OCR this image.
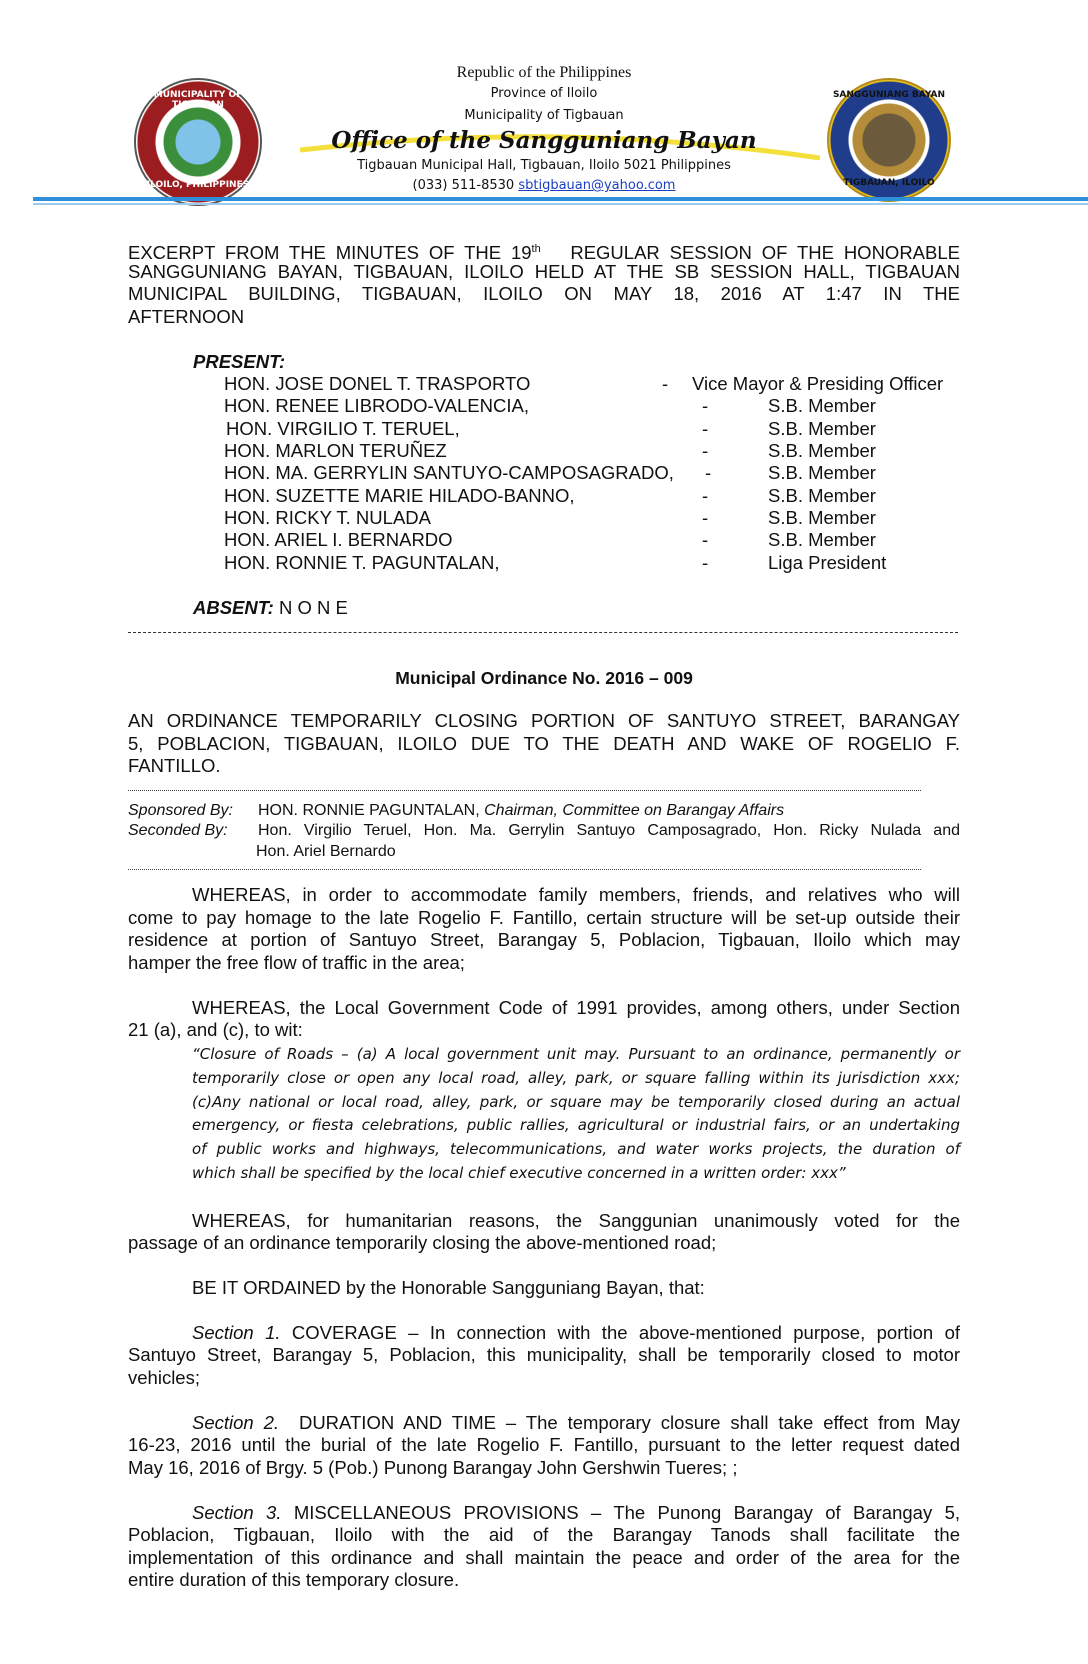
MUNICIPALITY OF TIGBAUAN
ILOILO, PHILIPPINES
SANGGUNIANG BAYAN
TIGBAUAN, ILOILO
Republic of the Philippines
Province of Iloilo
Municipality of Tigbauan
Office of the Sangguniang Bayan
Tigbauan Municipal Hall, Tigbauan, Iloilo 5021 Philippines
(033) 511-8530 sbtigbauan@yahoo.com
EXCERPT FROM THE MINUTES OF THE 19th REGULAR SESSION OF THE HONORABLE
SANGGUNIANG BAYAN, TIGBAUAN, ILOILO HELD AT THE SB SESSION HALL, TIGBAUAN
MUNICIPAL BUILDING, TIGBAUAN, ILOILO ON MAY 18, 2016 AT 1:47 IN THE
AFTERNOON
PRESENT:
HON. JOSE DONEL T. TRASPORTO	- Vice Mayor & Presiding Officer
HON. RENEE LIBRODO-VALENCIA,	-	S.B. Member
HON. VIRGILIO T. TERUEL,	-	S.B. Member
HON. MARLON TERUÑEZ	-	S.B. Member
HON. MA. GERRYLIN SANTUYO-CAMPOSAGRADO, -	S.B. Member
HON. SUZETTE MARIE HILADO-BANNO,	-	S.B. Member
HON. RICKY T. NULADA	-	S.B. Member
HON. ARIEL I. BERNARDO	-	S.B. Member
HON. RONNIE T. PAGUNTALAN,	-	Liga President
ABSENT: N O N E
Municipal Ordinance No. 2016 – 009
AN ORDINANCE TEMPORARILY CLOSING PORTION OF SANTUYO STREET, BARANGAY
5, POBLACION, TIGBAUAN, ILOILO DUE TO THE DEATH AND WAKE OF ROGELIO F.
FANTILLO.
Sponsored By: HON. RONNIE PAGUNTALAN, Chairman, Committee on Barangay Affairs
Seconded By: Hon. Virgilio Teruel, Hon. Ma. Gerrylin Santuyo Camposagrado, Hon. Ricky Nulada and
Hon. Ariel Bernardo
WHEREAS, in order to accommodate family members, friends, and relatives who will
come to pay homage to the late Rogelio F. Fantillo, certain structure will be set-up outside their
residence at portion of Santuyo Street, Barangay 5, Poblacion, Tigbauan, Iloilo which may
hamper the free flow of traffic in the area;
WHEREAS, the Local Government Code of 1991 provides, among others, under Section
21 (a), and (c), to wit:
“Closure of Roads – (a) A local government unit may. Pursuant to an ordinance, permanently or
temporarily close or open any local road, alley, park, or square falling within its jurisdiction xxx;
(c)Any national or local road, alley, park, or square may be temporarily closed during an actual
emergency, or fiesta celebrations, public rallies, agricultural or industrial fairs, or an undertaking
of public works and highways, telecommunications, and water works projects, the duration of
which shall be specified by the local chief executive concerned in a written order: xxx”
WHEREAS, for humanitarian reasons, the Sanggunian unanimously voted for the
passage of an ordinance temporarily closing the above-mentioned road;
BE IT ORDAINED by the Honorable Sangguniang Bayan, that:
Section 1. COVERAGE – In connection with the above-mentioned purpose, portion of
Santuyo Street, Barangay 5, Poblacion, this municipality, shall be temporarily closed to motor
vehicles;
Section 2. DURATION AND TIME – The temporary closure shall take effect from May
16-23, 2016 until the burial of the late Rogelio F. Fantillo, pursuant to the letter request dated
May 16, 2016 of Brgy. 5 (Pob.) Punong Barangay John Gershwin Tueres; ;
Section 3. MISCELLANEOUS PROVISIONS – The Punong Barangay of Barangay 5,
Poblacion, Tigbauan, Iloilo with the aid of the Barangay Tanods shall facilitate the
implementation of this ordinance and shall maintain the peace and order of the area for the
entire duration of this temporary closure.
